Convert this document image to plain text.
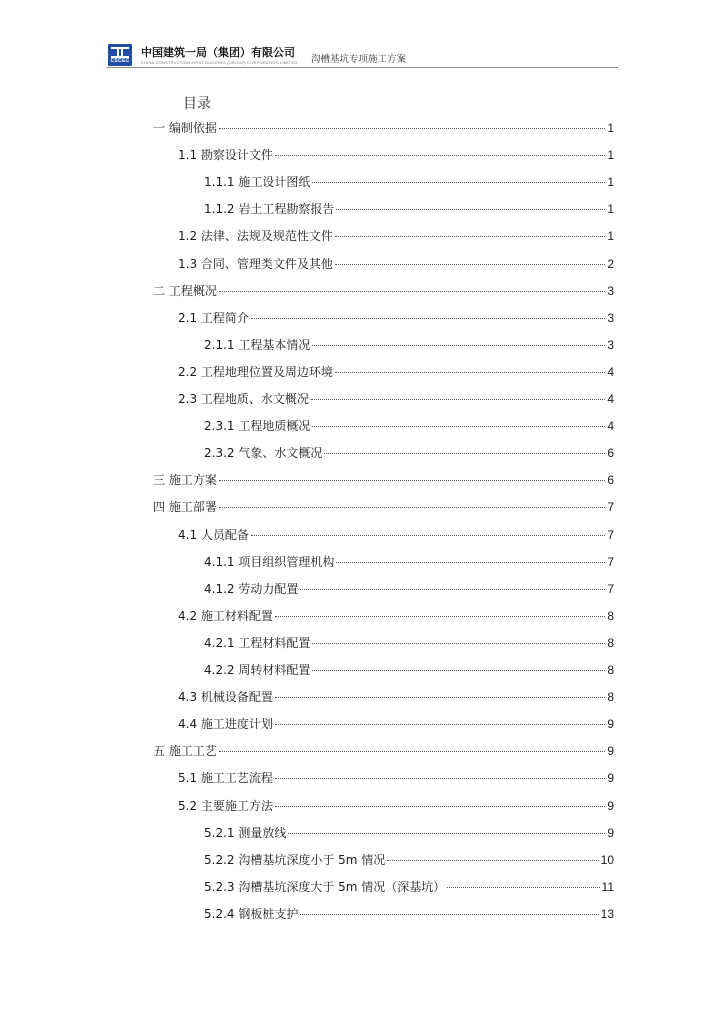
CSCEC
中国建筑一局（集团）有限公司
CHINA CONSTRUCTION FIRST BUILDING (GROUP) CORPORATION LIMITED 沟槽基坑专项施工方案
目录
一 编制依据	1
1.1 勘察设计文件	1
1.1.1 施工设计图纸	1
1.1.2 岩土工程勘察报告	1
1.2 法律、法规及规范性文件	1
1.3 合同、管理类文件及其他	2
二 工程概况	3
2.1 工程简介	3
2.1.1 工程基本情况	3
2.2 工程地理位置及周边环境	4
2.3 工程地质、水文概况	4
2.3.1 工程地质概况	4
2.3.2 气象、水文概况	6
三 施工方案	6
四 施工部署	7
4.1 人员配备	7
4.1.1 项目组织管理机构	7
4.1.2 劳动力配置	7
4.2 施工材料配置	8
4.2.1 工程材料配置	8
4.2.2 周转材料配置	8
4.3 机械设备配置	8
4.4 施工进度计划	9
五 施工工艺	9
5.1 施工工艺流程	9
5.2 主要施工方法	9
5.2.1 测量放线	9
5.2.2 沟槽基坑深度小于 5m 情况	10
5.2.3 沟槽基坑深度大于 5m 情况（深基坑）	11
5.2.4 钢板桩支护	13
